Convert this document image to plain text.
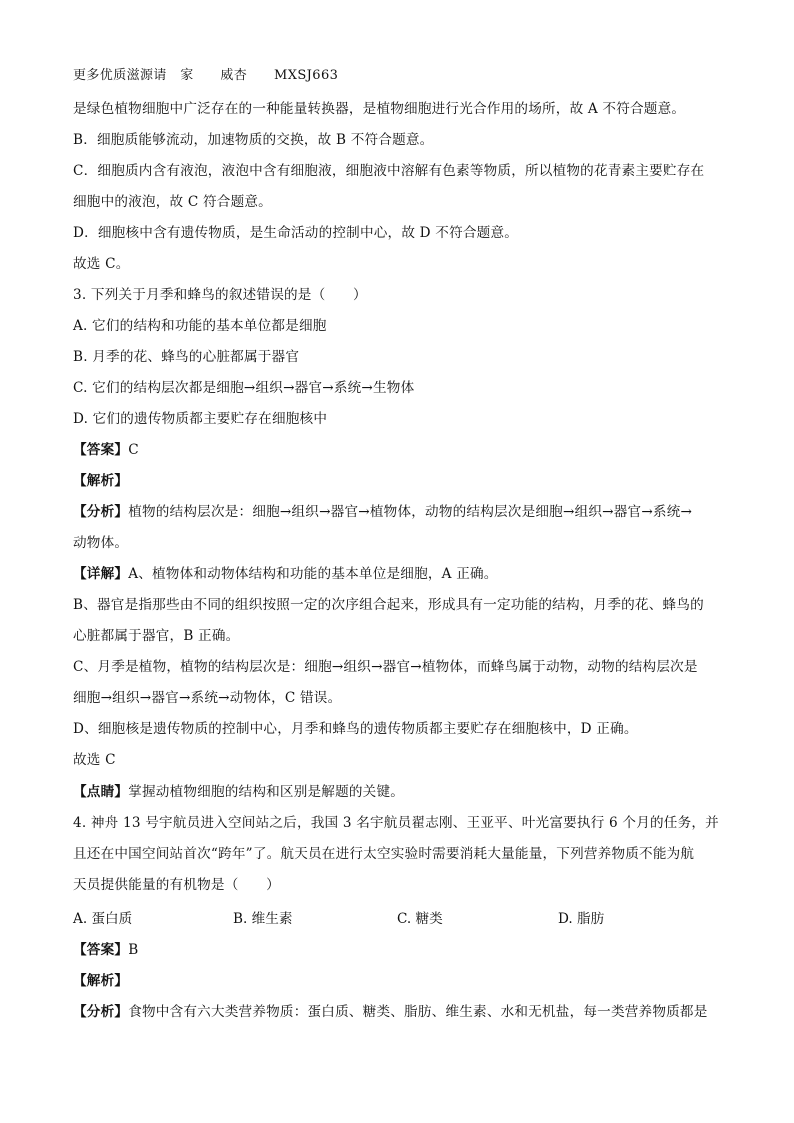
更多优质滋源请　家　　威杏　　MXSJ663
是绿色植物细胞中广泛存在的一种能量转换器，是植物细胞进行光合作用的场所，故 A 不符合题意。
B．细胞质能够流动，加速物质的交换，故 B 不符合题意。
C．细胞质内含有液泡，液泡中含有细胞液，细胞液中溶解有色素等物质，所以植物的花青素主要贮存在
细胞中的液泡，故 C 符合题意。
D．细胞核中含有遗传物质，是生命活动的控制中心，故 D 不符合题意。
故选 C。
3. 下列关于月季和蜂鸟的叙述错误的是（　　）
A. 它们的结构和功能的基本单位都是细胞
B. 月季的花、蜂鸟的心脏都属于器官
C. 它们的结构层次都是细胞→组织→器官→系统→生物体
D. 它们的遗传物质都主要贮存在细胞核中
【答案】C
【解析】
【分析】植物的结构层次是：细胞→组织→器官→植物体，动物的结构层次是细胞→组织→器官→系统→
动物体。
【详解】A、植物体和动物体结构和功能的基本单位是细胞，A 正确。
B、器官是指那些由不同的组织按照一定的次序组合起来，形成具有一定功能的结构，月季的花、蜂鸟的
心脏都属于器官，B 正确。
C、月季是植物，植物的结构层次是：细胞→组织→器官→植物体，而蜂鸟属于动物，动物的结构层次是
细胞→组织→器官→系统→动物体，C 错误。
D、细胞核是遗传物质的控制中心，月季和蜂鸟的遗传物质都主要贮存在细胞核中，D 正确。
故选 C
【点睛】掌握动植物细胞的结构和区别是解题的关键。
4. 神舟 13 号宇航员进入空间站之后，我国 3 名宇航员翟志刚、王亚平、叶光富要执行 6 个月的任务，并
且还在中国空间站首次“跨年”了。航天员在进行太空实验时需要消耗大量能量，下列营养物质不能为航
天员提供能量的有机物是（　　）
A. 蛋白质	B. 维生素	C. 糖类	D. 脂肪
【答案】B
【解析】
【分析】食物中含有六大类营养物质：蛋白质、糖类、脂肪、维生素、水和无机盐，每一类营养物质都是
